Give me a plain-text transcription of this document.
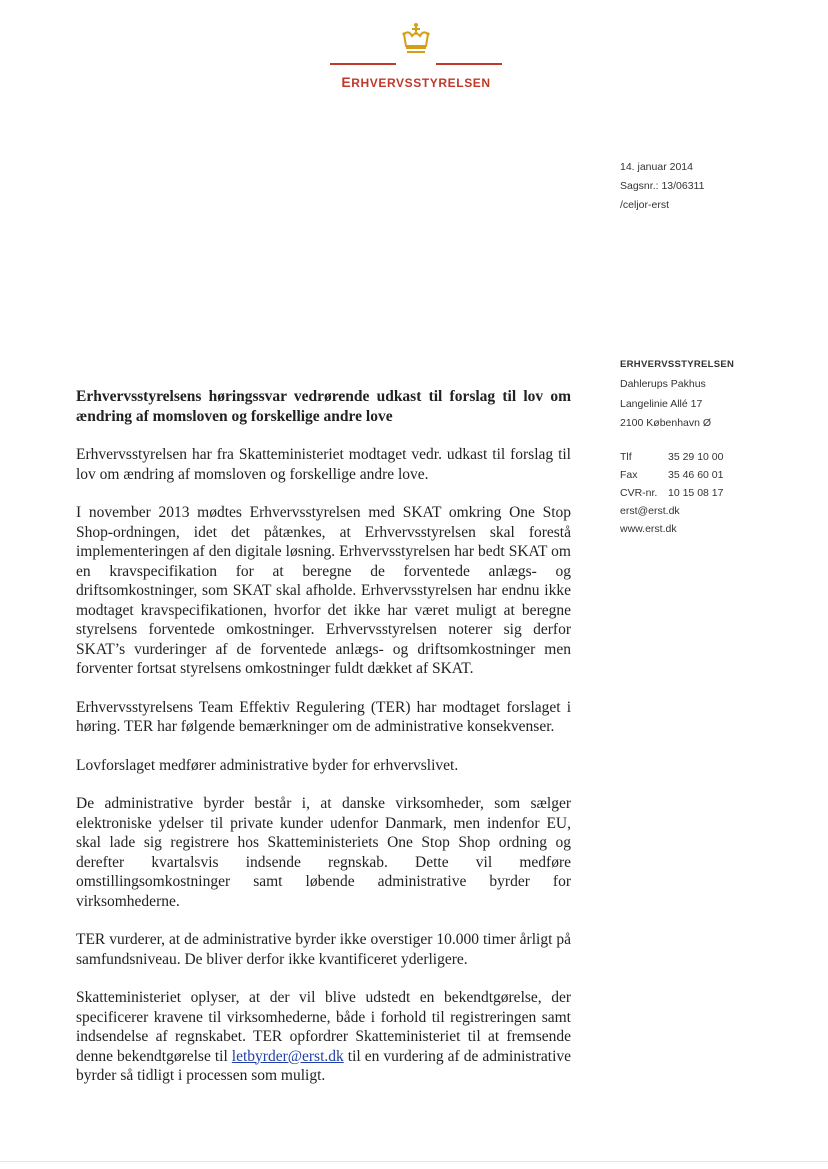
ERHVERVSSTYRELSEN
14. januar 2014
Sagsnr.: 13/06311
/celjor-erst
ERHVERVSSTYRELSEN
Dahlerups Pakhus
Langelinie Allé 17
2100 København Ø
Tlf	35 29 10 00
Fax	35 46 60 01
CVR-nr.	10 15 08 17
erst@erst.dk
www.erst.dk

Erhvervsstyrelsens høringssvar vedrørende udkast til forslag til lov om ændring af momsloven og forskellige andre love

Erhvervsstyrelsen har fra Skatteministeriet modtaget vedr. udkast til forslag til lov om ændring af momsloven og forskellige andre love.

I november 2013 mødtes Erhvervsstyrelsen med SKAT omkring One Stop Shop-ordningen, idet det påtænkes, at Erhvervsstyrelsen skal forestå implementeringen af den digitale løsning. Erhvervsstyrelsen har bedt SKAT om en kravspecifikation for at beregne de forventede anlægs- og driftsomkostninger, som SKAT skal afholde. Erhvervsstyrelsen har endnu ikke modtaget kravspecifikationen, hvorfor det ikke har været muligt at beregne styrelsens forventede omkostninger. Erhvervsstyrelsen noterer sig derfor SKAT’s vurderinger af de forventede anlægs- og driftsomkostninger men forventer fortsat styrelsens omkostninger fuldt dækket af SKAT.

Erhvervsstyrelsens Team Effektiv Regulering (TER) har modtaget forslaget i høring. TER har følgende bemærkninger om de administrative konsekvenser.

Lovforslaget medfører administrative byder for erhvervslivet.

De administrative byrder består i, at danske virksomheder, som sælger elektroniske ydelser til private kunder udenfor Danmark, men indenfor EU, skal lade sig registrere hos Skatteministeriets One Stop Shop ordning og derefter kvartalsvis indsende regnskab. Dette vil medføre omstillingsomkostninger samt løbende administrative byrder for virksomhederne.

TER vurderer, at de administrative byrder ikke overstiger 10.000 timer årligt på samfundsniveau. De bliver derfor ikke kvantificeret yderligere.

Skatteministeriet oplyser, at der vil blive udstedt en bekendtgørelse, der specificerer kravene til virksomhederne, både i forhold til registreringen samt indsendelse af regnskabet. TER opfordrer Skatteministeriet til at fremsende denne bekendtgørelse til letbyrder@erst.dk til en vurdering af de administrative byrder så tidligt i processen som muligt.
